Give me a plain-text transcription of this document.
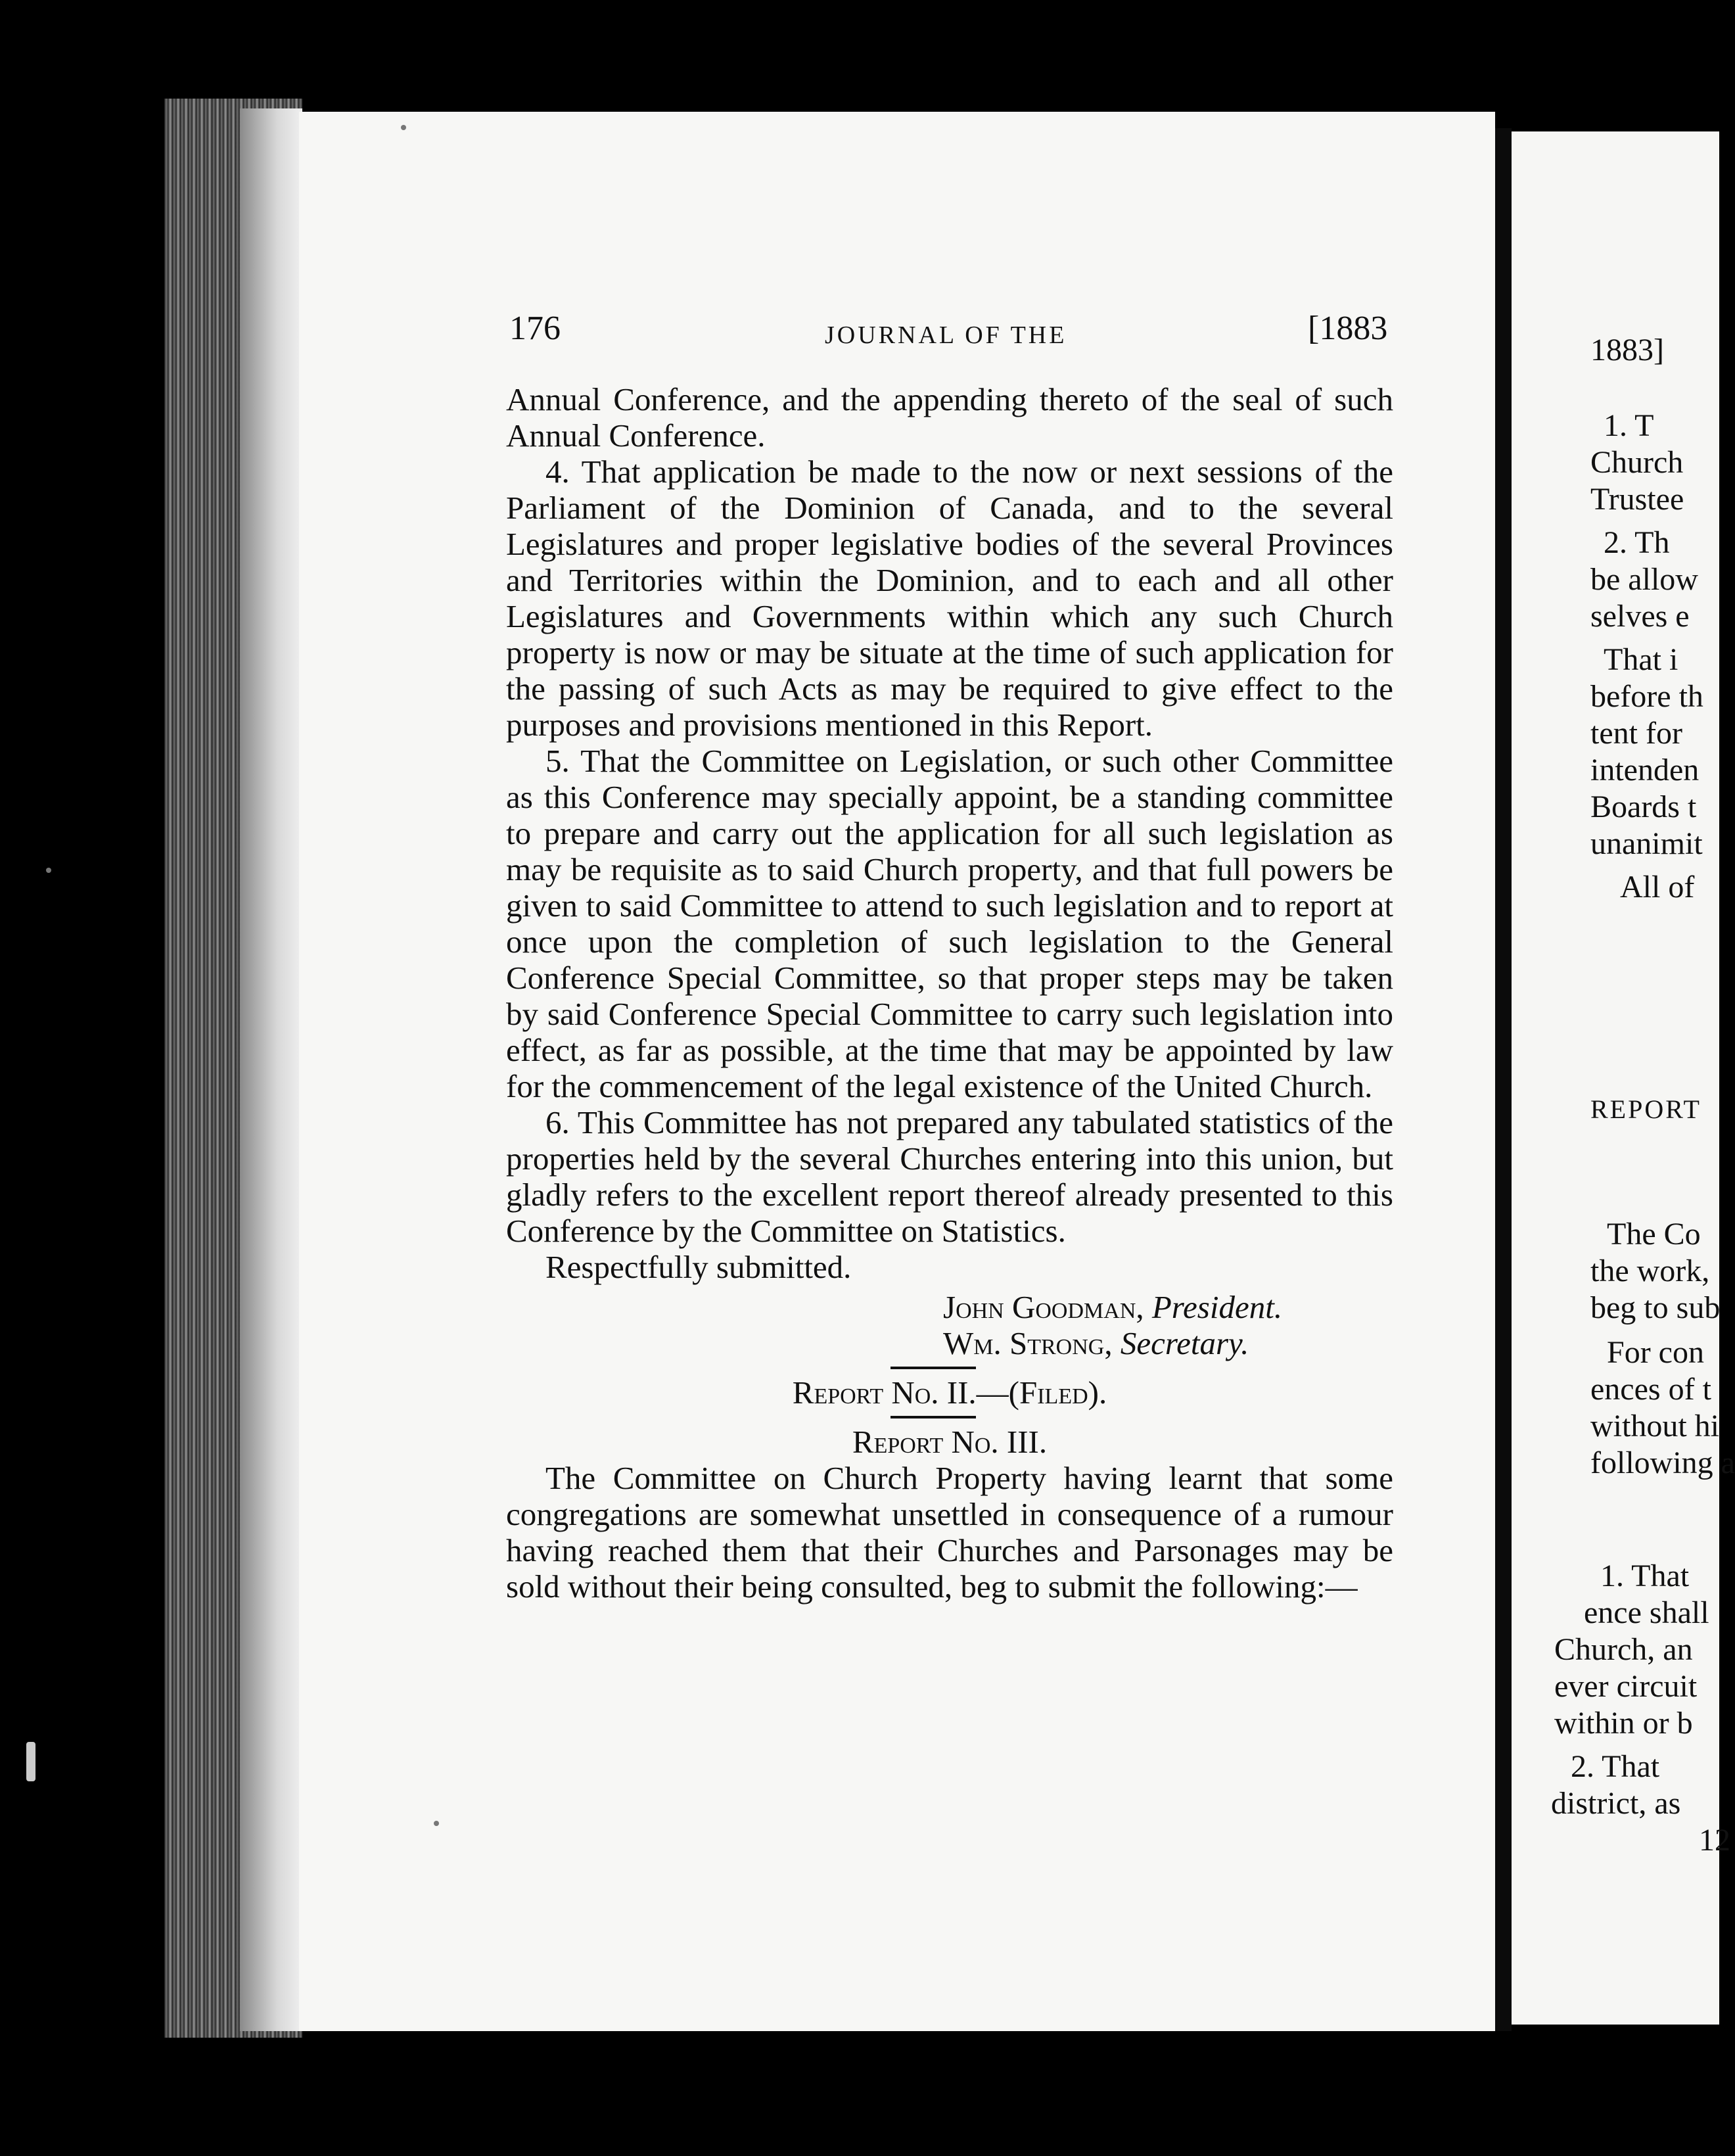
176	JOURNAL OF THE	[1883

Annual Conference, and the appending thereto of the seal of such Annual Conference.

4. That application be made to the now or next sessions of the Parliament of the Dominion of Canada, and to the several Legislatures and proper legislative bodies of the several Provinces and Territories within the Dominion, and to each and all other Legislatures and Governments within which any such Church property is now or may be situate at the time of such application for the passing of such Acts as may be required to give effect to the purposes and provisions mentioned in this Report.

5. That the Committee on Legislation, or such other Committee as this Conference may specially appoint, be a standing committee to prepare and carry out the application for all such legislation as may be requisite as to said Church property, and that full powers be given to said Committee to attend to such legislation and to report at once upon the completion of such legislation to the General Conference Special Committee, so that proper steps may be taken by said Conference Special Committee to carry such legislation into effect, as far as possible, at the time that may be appointed by law for the commencement of the legal existence of the United Church.

6. This Committee has not prepared any tabulated statistics of the properties held by the several Churches entering into this union, but gladly refers to the excellent report thereof already presented to this Conference by the Committee on Statistics.

Respectfully submitted.

John Goodman, President.
Wm. Strong, Secretary.

Report No. II.—(Filed).

Report No. III.

The Committee on Church Property having learnt that some congregations are somewhat unsettled in consequence of a rumour having reached them that their Churches and Parsonages may be sold without their being consulted, beg to submit the following:—

1883]
1. T
Church
Trustee
2. Th
be allow
selves e
That i
before th
tent for
intenden
Boards t
unanimit
All of
REPORT
The Co
the work,
beg to sub
For con
ences of t
without hi
following a
1. That
ence shall
Church, an
ever circuit
within or b
2. That
district, as
12
